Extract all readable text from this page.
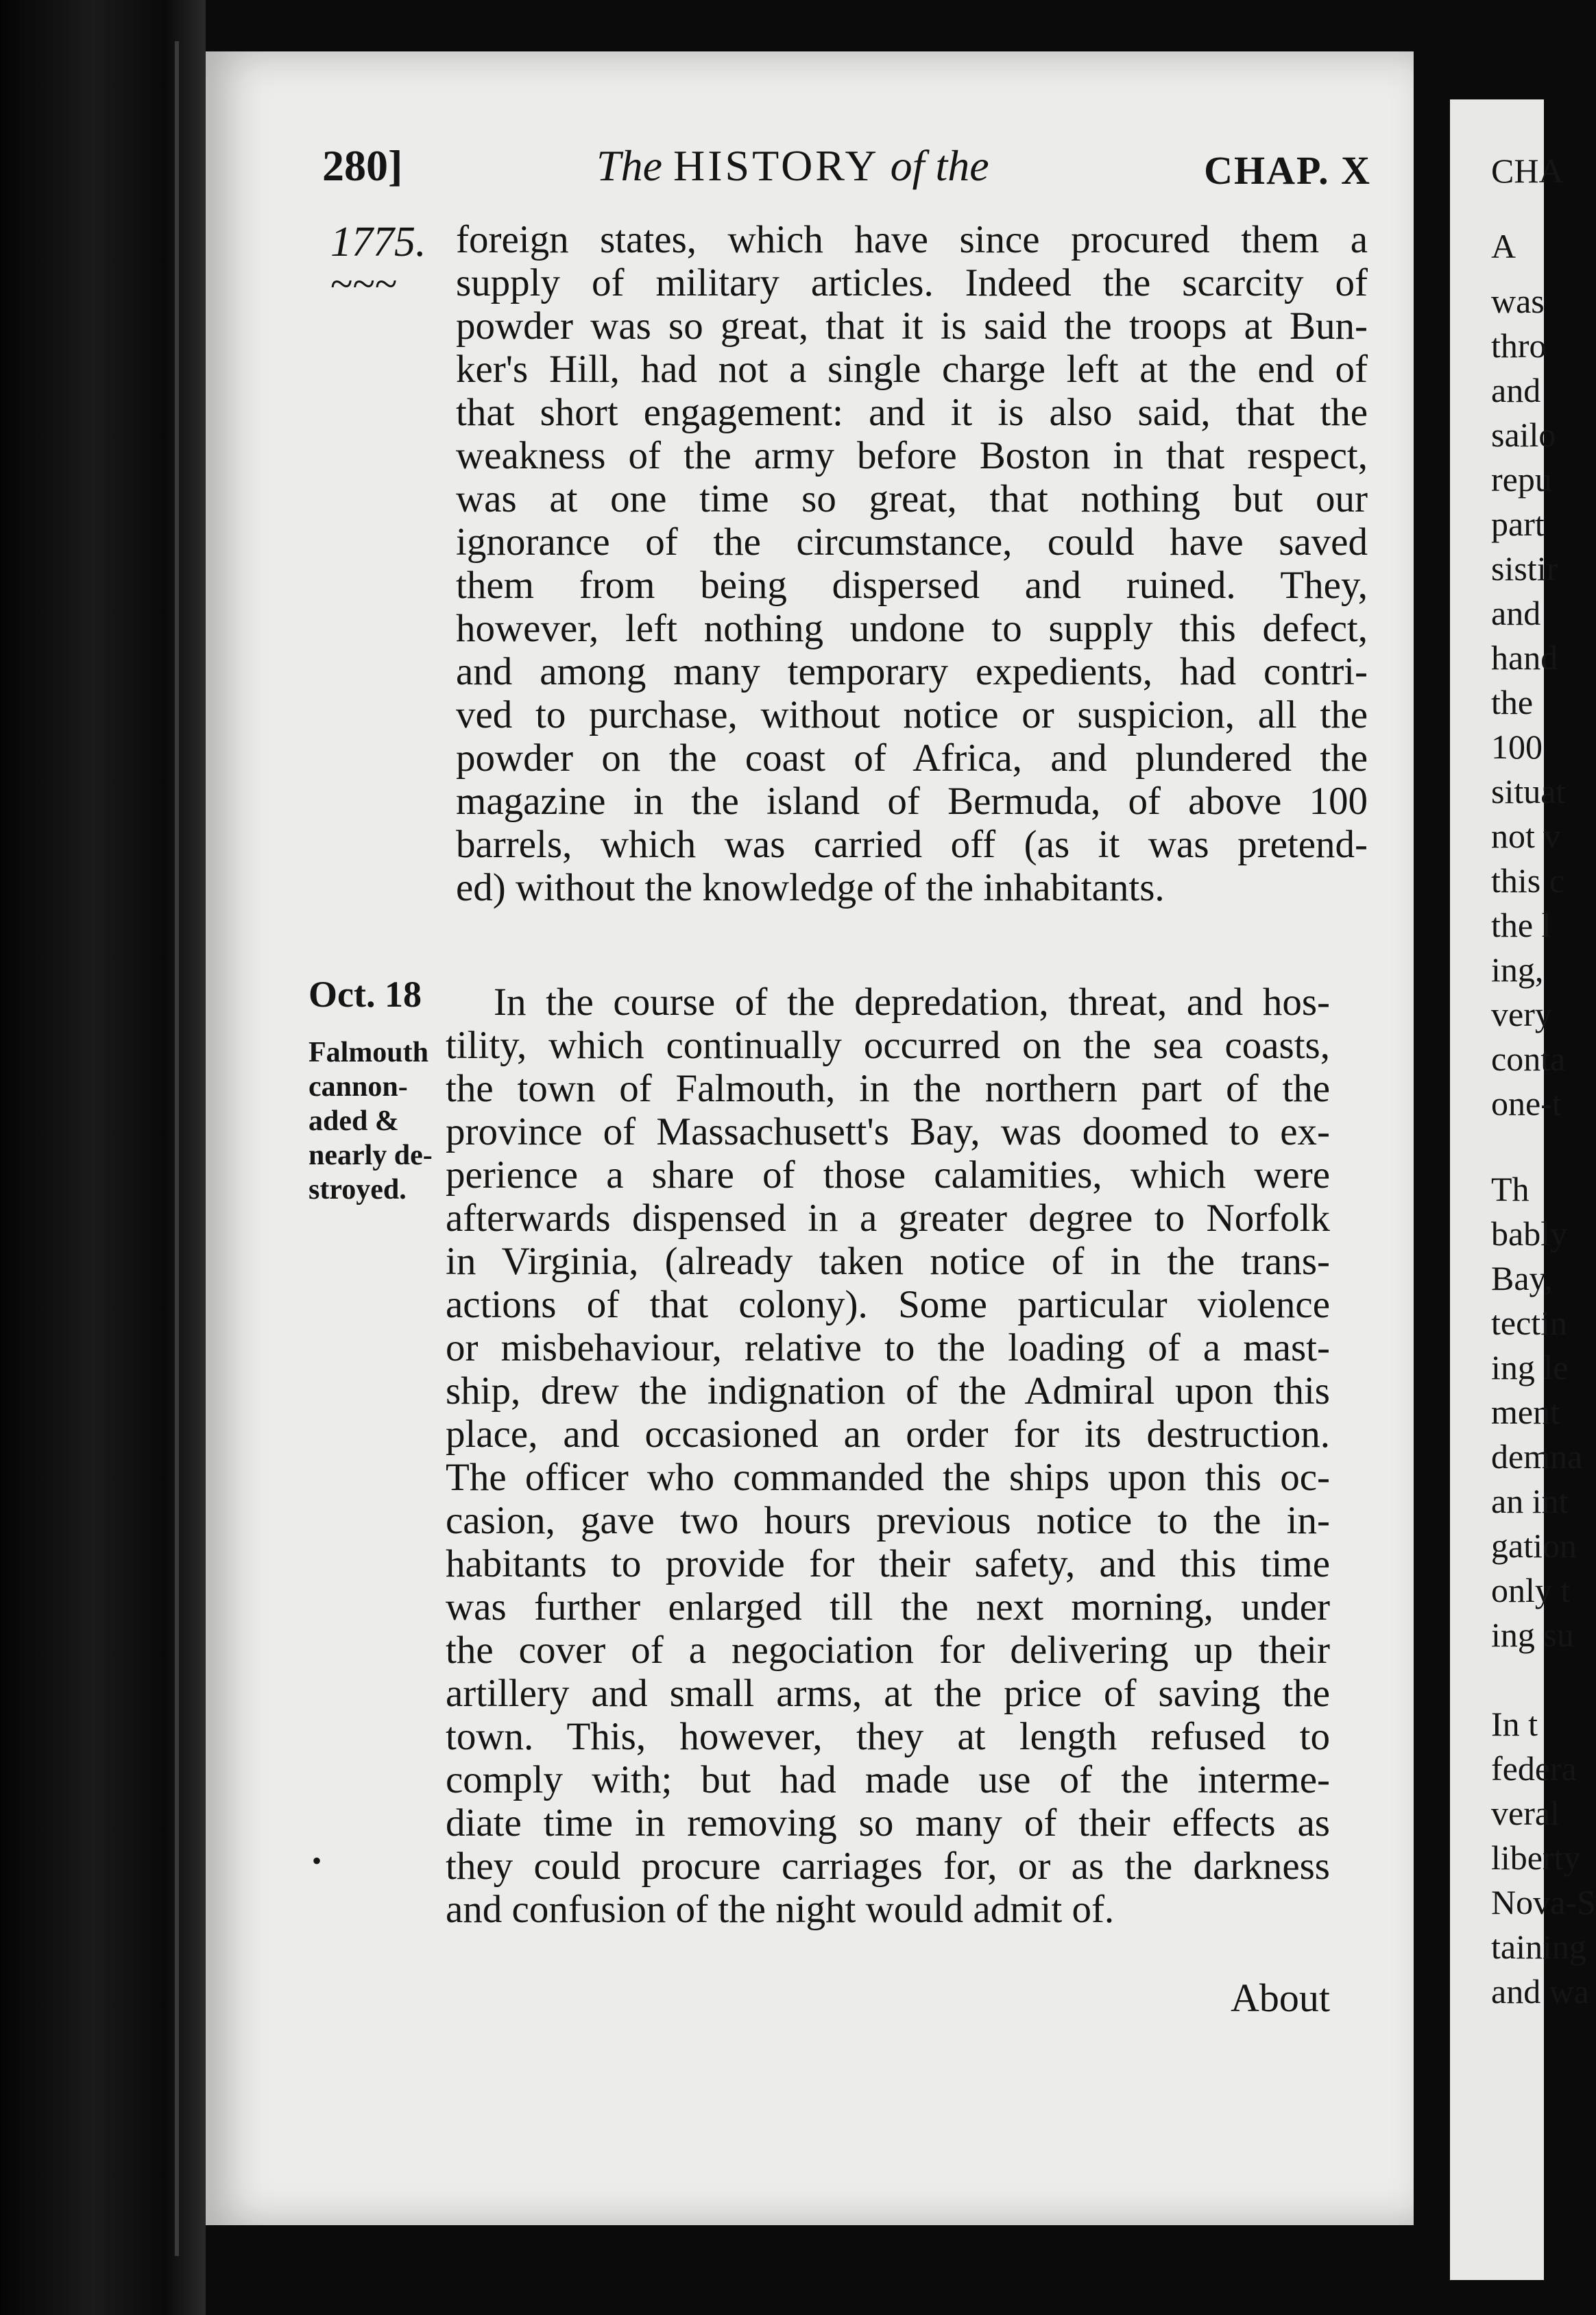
280]	The HISTORY of the	CHAP. X
1775.
~~~
foreign states, which have since procured them a
supply of military articles. Indeed the scarcity of
powder was so great, that it is said the troops at Bun-
ker's Hill, had not a single charge left at the end of
that short engagement: and it is also said, that the
weakness of the army before Boston in that respect,
was at one time so great, that nothing but our
ignorance of the circumstance, could have saved
them from being dispersed and ruined. They,
however, left nothing undone to supply this defect,
and among many temporary expedients, had contri-
ved to purchase, without notice or suspicion, all the
powder on the coast of Africa, and plundered the
magazine in the island of Bermuda, of above 100
barrels, which was carried off (as it was pretend-
ed) without the knowledge of the inhabitants.
Oct. 18
Falmouth
cannon-
aded &
nearly de-
stroyed.
In the course of the depredation, threat, and hos-
tility, which continually occurred on the sea coasts,
the town of Falmouth, in the northern part of the
province of Massachusett's Bay, was doomed to ex-
perience a share of those calamities, which were
afterwards dispensed in a greater degree to Norfolk
in Virginia, (already taken notice of in the trans-
actions of that colony). Some particular violence
or misbehaviour, relative to the loading of a mast-
ship, drew the indignation of the Admiral upon this
place, and occasioned an order for its destruction.
The officer who commanded the ships upon this oc-
casion, gave two hours previous notice to the in-
habitants to provide for their safety, and this time
was further enlarged till the next morning, under
the cover of a negociation for delivering up their
artillery and small arms, at the price of saving the
town. This, however, they at length refused to
comply with; but had made use of the interme-
diate time in removing so many of their effects as
they could procure carriages for, or as the darkness
and confusion of the night would admit of.
•
About
CHA
A
was
thro
and
sailo
repu
part
sistir
and
hand
the
100
situat
not v
this c
the l
ing,
very
conta
one-t
Th
bably
Bay,
tectin
ing le
ment
demna
an int
gation
only t
ing su
In t
federa
veral
liberty
Nova-S
taining
and wa
